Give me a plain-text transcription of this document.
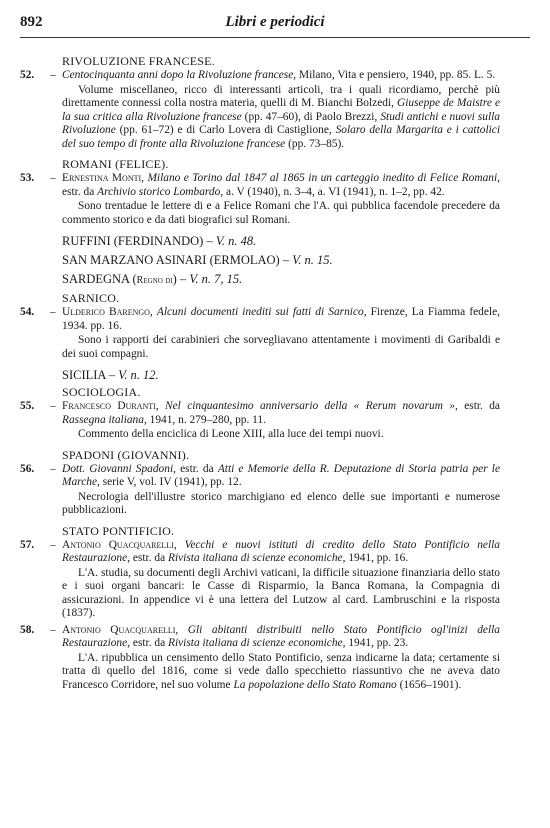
892	Libri e periodici
RIVOLUZIONE FRANCESE.
52.	– Centocinquanta anni dopo la Rivoluzione francese, Milano, Vita e pensiero, 1940, pp. 85. L. 5.
Volume miscellaneo, ricco di interessanti articoli, tra i quali ricordiamo, perchè più direttamente connessi colla nostra materia, quelli di M. Bianchi Bolzedi, Giuseppe de Maistre e la sua critica alla Rivoluzione francese (pp. 47–60), di Paolo Brezzi, Studi antichi e nuovi sulla Rivoluzione (pp. 61–72) e di Carlo Lovera di Castiglione, Solaro della Margarita e i cattolici del suo tempo di fronte alla Rivoluzione francese (pp. 73–85).
ROMANI (FELICE).
53.	– Ernestina Monti, Milano e Torino dal 1847 al 1865 in un carteggio inedito di Felice Romani, estr. da Archivio storico Lombardo, a. V (1940), n. 3–4, a. VI (1941), n. 1–2, pp. 42.
Sono trentadue le lettere di e a Felice Romani che l'A. qui pubblica facendole precedere da commento storico e da dati biografici sul Romani.
RUFFINI (FERDINANDO) – V. n. 48.
SAN MARZANO ASINARI (ERMOLAO) – V. n. 15.
SARDEGNA (Regno di) – V. n. 7, 15.
SARNICO.
54.	– Ulderico Barengo, Alcuni documenti inediti sui fatti di Sarnico, Firenze, La Fiamma fedele, 1934. pp. 16.
Sono i rapporti dei carabinieri che sorvegliavano attentamente i movimenti di Garibaldi e dei suoi compagni.
SICILIA – V. n. 12.
SOCIOLOGIA.
55.	– Francesco Duranti, Nel cinquantesimo anniversario della « Rerum novarum », estr. da Rassegna italiana, 1941, n. 279–280, pp. 11.
Commento della enciclica di Leone XIII, alla luce dei tempi nuovi.
SPADONI (GIOVANNI).
56.	– Dott. Giovanni Spadoni, estr. da Atti e Memorie della R. Deputazione di Storia patria per le Marche, serie V, vol. IV (1941), pp. 12.
Necrologia dell'illustre storico marchigiano ed elenco delle sue importanti e numerose pubblicazioni.
STATO PONTIFICIO.
57.	– Antonio Quacquarelli, Vecchi e nuovi istituti di credito dello Stato Pontificio nella Restaurazione, estr. da Rivista italiana di scienze economiche, 1941, pp. 16.
L'A. studia, su documenti degli Archivi vaticani, la difficile situazione finanziaria dello stato e i suoi organi bancari: le Casse di Risparmio, la Banca Romana, la Compagnia di assicurazioni. In appendice vi è una lettera del Lutzow al card. Lambruschini e la risposta (1837).
58.	– Antonio Quacquarelli, Gli abitanti distribuiti nello Stato Pontificio ogl'inizi della Restaurazione, estr. da Rivista italiana di scienze economiche, 1941, pp. 23.
L'A. ripubblica un censimento dello Stato Pontificio, senza indicarne la data; certamente si tratta di quello del 1816, come si vede dallo specchietto riassuntivo che ne aveva dato Francesco Corridore, nel suo volume La popolazione dello Stato Romano (1656–1901).
